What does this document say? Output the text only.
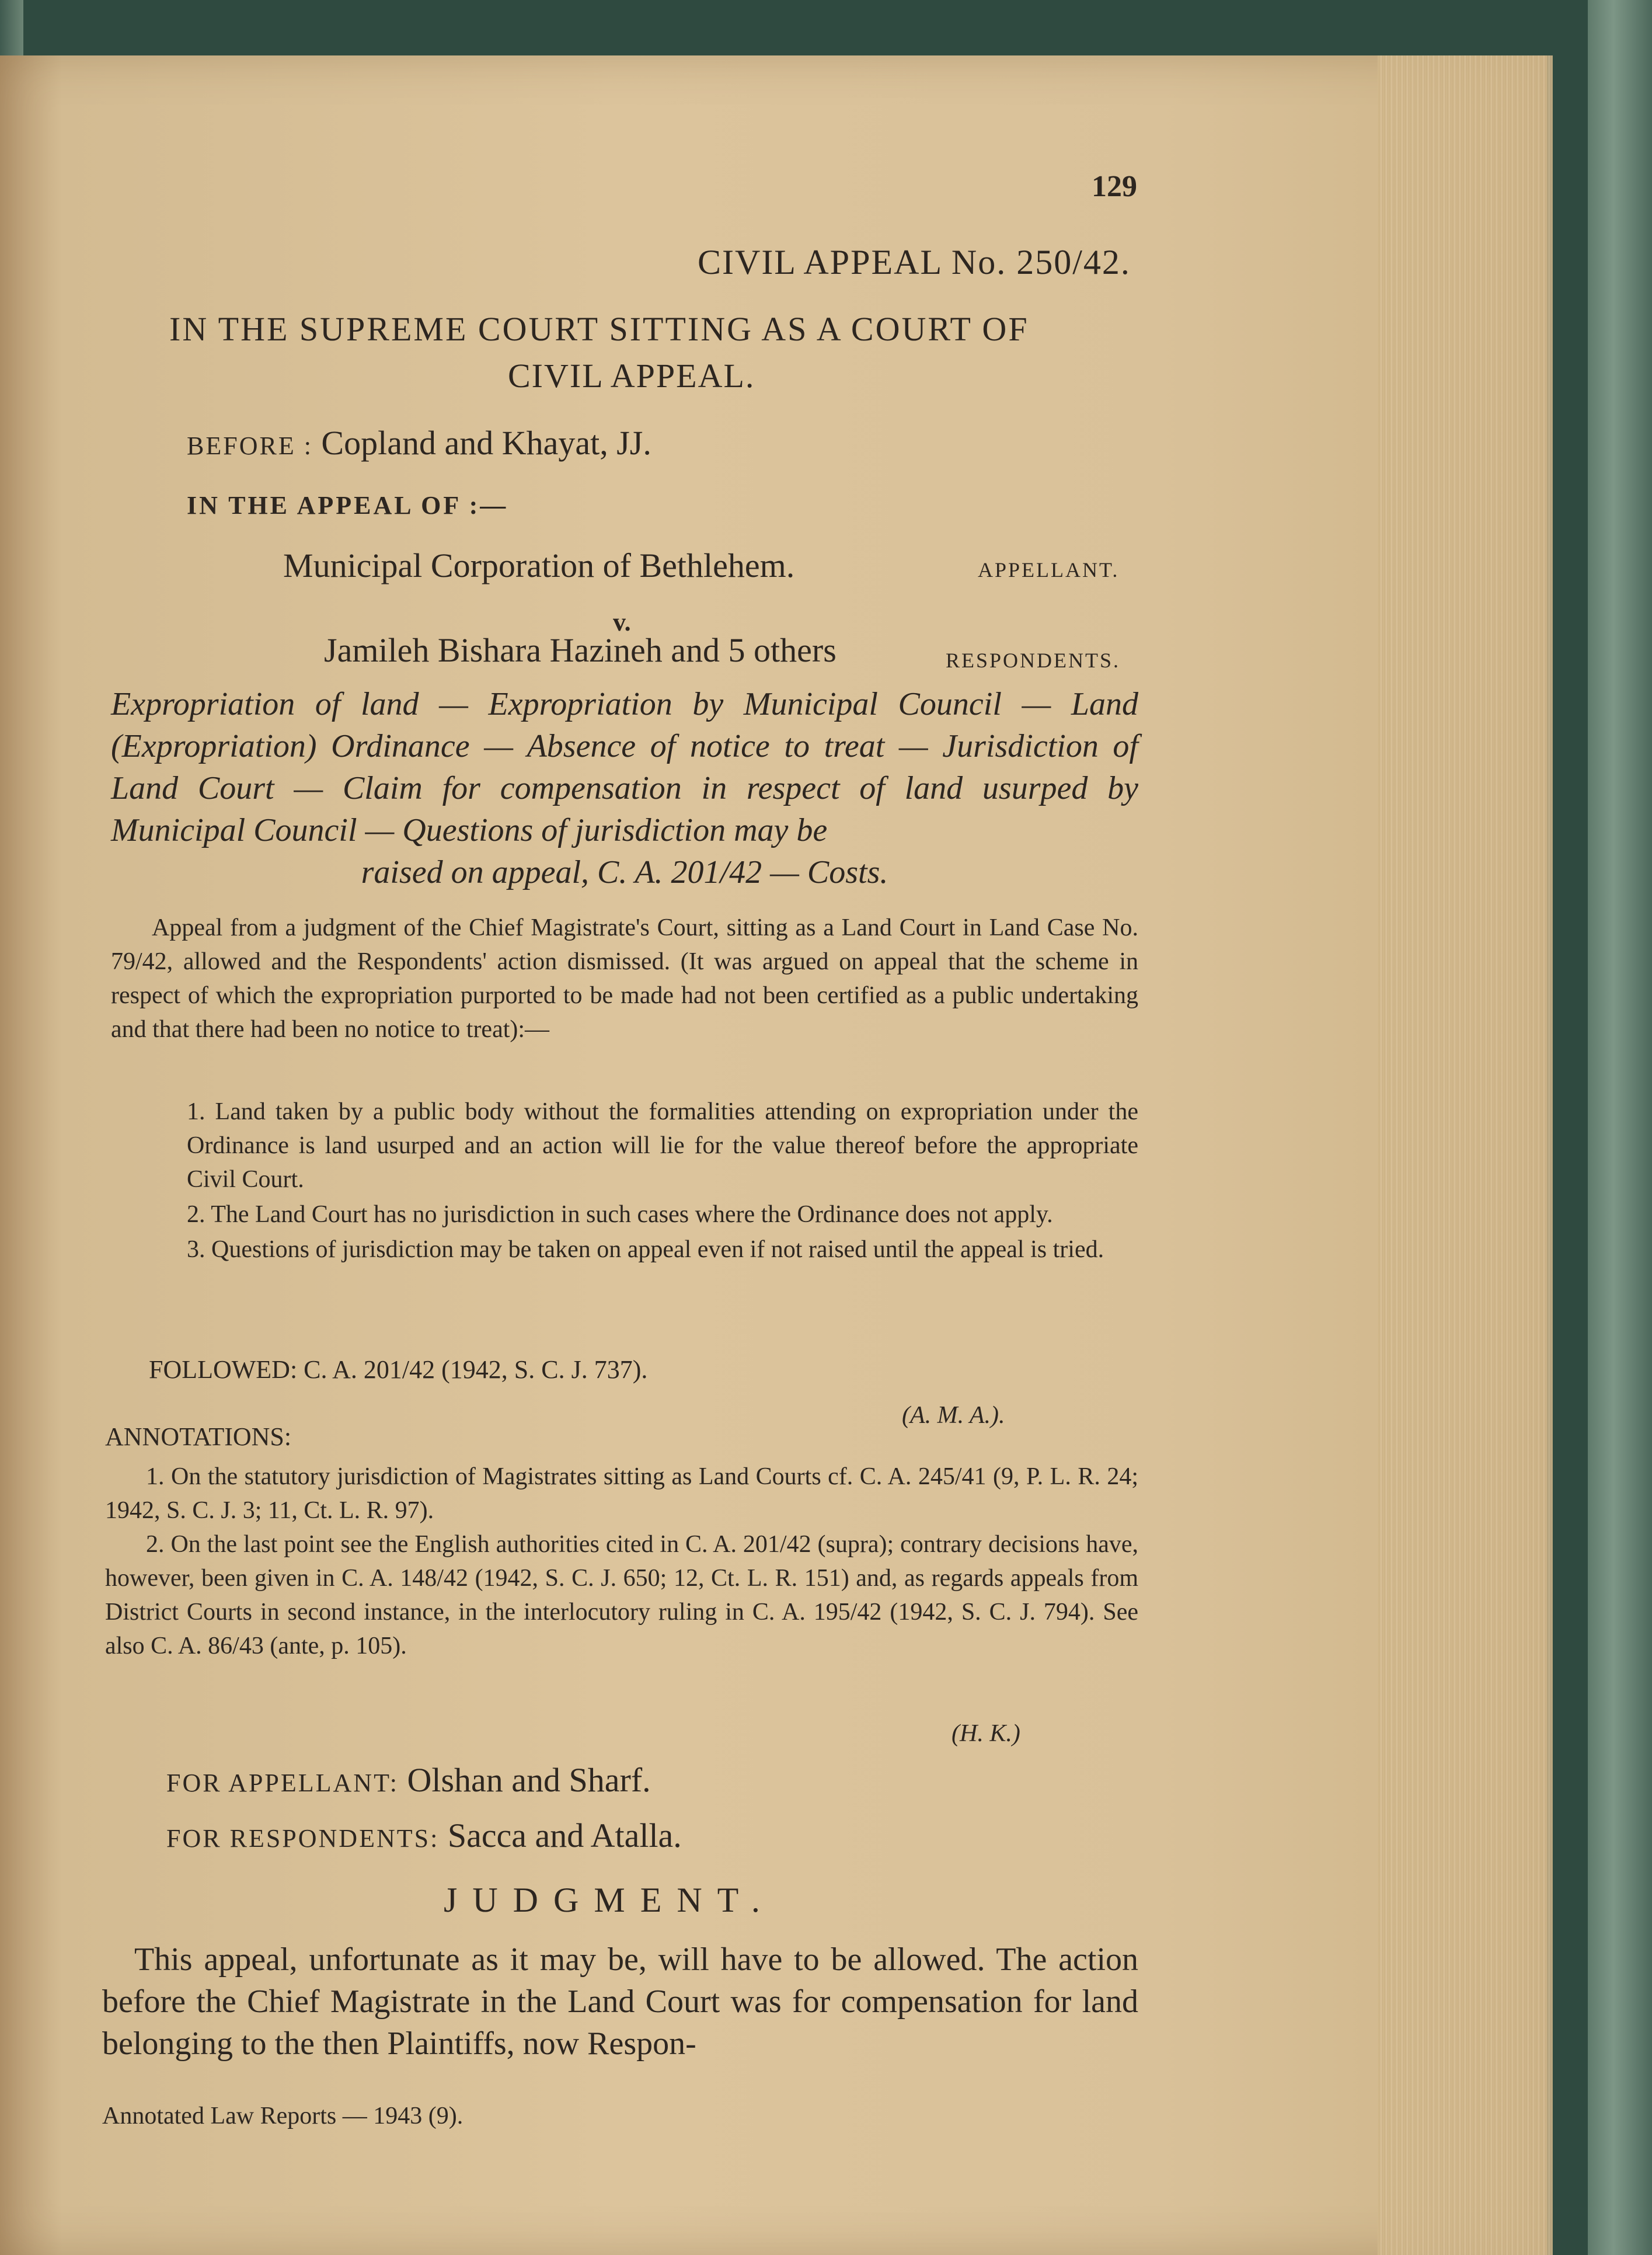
129
CIVIL APPEAL No. 250/42.
IN THE SUPREME COURT SITTING AS A COURT OF
CIVIL APPEAL.
BEFORE : Copland and Khayat, JJ.
IN THE APPEAL OF :—
Municipal Corporation of Bethlehem.	APPELLANT.
v.
Jamileh Bishara Hazineh and 5 others	RESPONDENTS.
Expropriation of land — Expropriation by Municipal Council — Land (Expropriation) Ordinance — Absence of notice to treat — Jurisdiction of Land Court — Claim for compensation in respect of land usurped by Municipal Council — Questions of jurisdiction may be
raised on appeal, C. A. 201/42 — Costs.
Appeal from a judgment of the Chief Magistrate's Court, sitting as a Land Court in Land Case No. 79/42, allowed and the Respondents' action dismissed. (It was argued on appeal that the scheme in respect of which the expropriation purported to be made had not been certified as a public undertaking and that there had been no notice to treat):—
1. Land taken by a public body without the formalities attending on expropriation under the Ordinance is land usurped and an action will lie for the value thereof before the appropriate Civil Court.
2. The Land Court has no jurisdiction in such cases where the Ordinance does not apply.
3. Questions of jurisdiction may be taken on appeal even if not raised until the appeal is tried.
FOLLOWED: C. A. 201/42 (1942, S. C. J. 737).
(A. M. A.).
ANNOTATIONS:
1. On the statutory jurisdiction of Magistrates sitting as Land Courts cf. C. A. 245/41 (9, P. L. R. 24; 1942, S. C. J. 3; 11, Ct. L. R. 97).
2. On the last point see the English authorities cited in C. A. 201/42 (supra); contrary decisions have, however, been given in C. A. 148/42 (1942, S. C. J. 650; 12, Ct. L. R. 151) and, as regards appeals from District Courts in second instance, in the interlocutory ruling in C. A. 195/42 (1942, S. C. J. 794). See also C. A. 86/43 (ante, p. 105).
(H. K.)
FOR APPELLANT: Olshan and Sharf.
FOR RESPONDENTS: Sacca and Atalla.
JUDGMENT.
This appeal, unfortunate as it may be, will have to be allowed. The action before the Chief Magistrate in the Land Court was for compensation for land belonging to the then Plaintiffs, now Respon-
Annotated Law Reports — 1943 (9).
